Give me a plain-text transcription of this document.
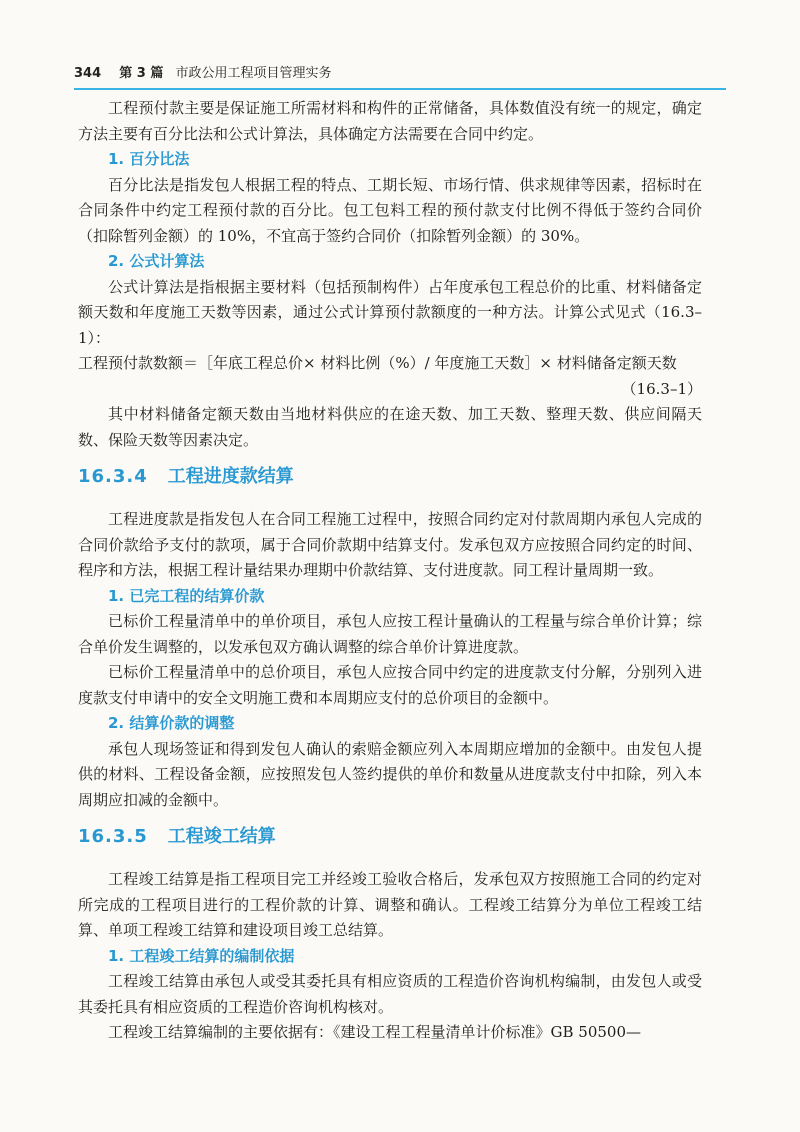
344 第 3 篇 市政公用工程项目管理实务

工程预付款主要是保证施工所需材料和构件的正常储备，具体数值没有统一的规定，确定方法主要有百分比法和公式计算法，具体确定方法需要在合同中约定。

1. 百分比法

百分比法是指发包人根据工程的特点、工期长短、市场行情、供求规律等因素，招标时在合同条件中约定工程预付款的百分比。包工包料工程的预付款支付比例不得低于签约合同价（扣除暂列金额）的 10%，不宜高于签约合同价（扣除暂列金额）的 30%。

2. 公式计算法

公式计算法是指根据主要材料（包括预制构件）占年度承包工程总价的比重、材料储备定额天数和年度施工天数等因素，通过公式计算预付款额度的一种方法。计算公式见式（16.3–1）：

工程预付款数额＝［年底工程总价× 材料比例（%）/ 年度施工天数］× 材料储备定额天数

（16.3–1）

其中材料储备定额天数由当地材料供应的在途天数、加工天数、整理天数、供应间隔天数、保险天数等因素决定。

16.3.4 工程进度款结算

工程进度款是指发包人在合同工程施工过程中，按照合同约定对付款周期内承包人完成的合同价款给予支付的款项，属于合同价款期中结算支付。发承包双方应按照合同约定的时间、程序和方法，根据工程计量结果办理期中价款结算、支付进度款。同工程计量周期一致。

1. 已完工程的结算价款

已标价工程量清单中的单价项目，承包人应按工程计量确认的工程量与综合单价计算；综合单价发生调整的，以发承包双方确认调整的综合单价计算进度款。

已标价工程量清单中的总价项目，承包人应按合同中约定的进度款支付分解，分别列入进度款支付申请中的安全文明施工费和本周期应支付的总价项目的金额中。

2. 结算价款的调整

承包人现场签证和得到发包人确认的索赔金额应列入本周期应增加的金额中。由发包人提供的材料、工程设备金额，应按照发包人签约提供的单价和数量从进度款支付中扣除，列入本周期应扣减的金额中。

16.3.5 工程竣工结算

工程竣工结算是指工程项目完工并经竣工验收合格后，发承包双方按照施工合同的约定对所完成的工程项目进行的工程价款的计算、调整和确认。工程竣工结算分为单位工程竣工结算、单项工程竣工结算和建设项目竣工总结算。

1. 工程竣工结算的编制依据

工程竣工结算由承包人或受其委托具有相应资质的工程造价咨询机构编制，由发包人或受其委托具有相应资质的工程造价咨询机构核对。

工程竣工结算编制的主要依据有：《建设工程工程量清单计价标准》GB 50500—
